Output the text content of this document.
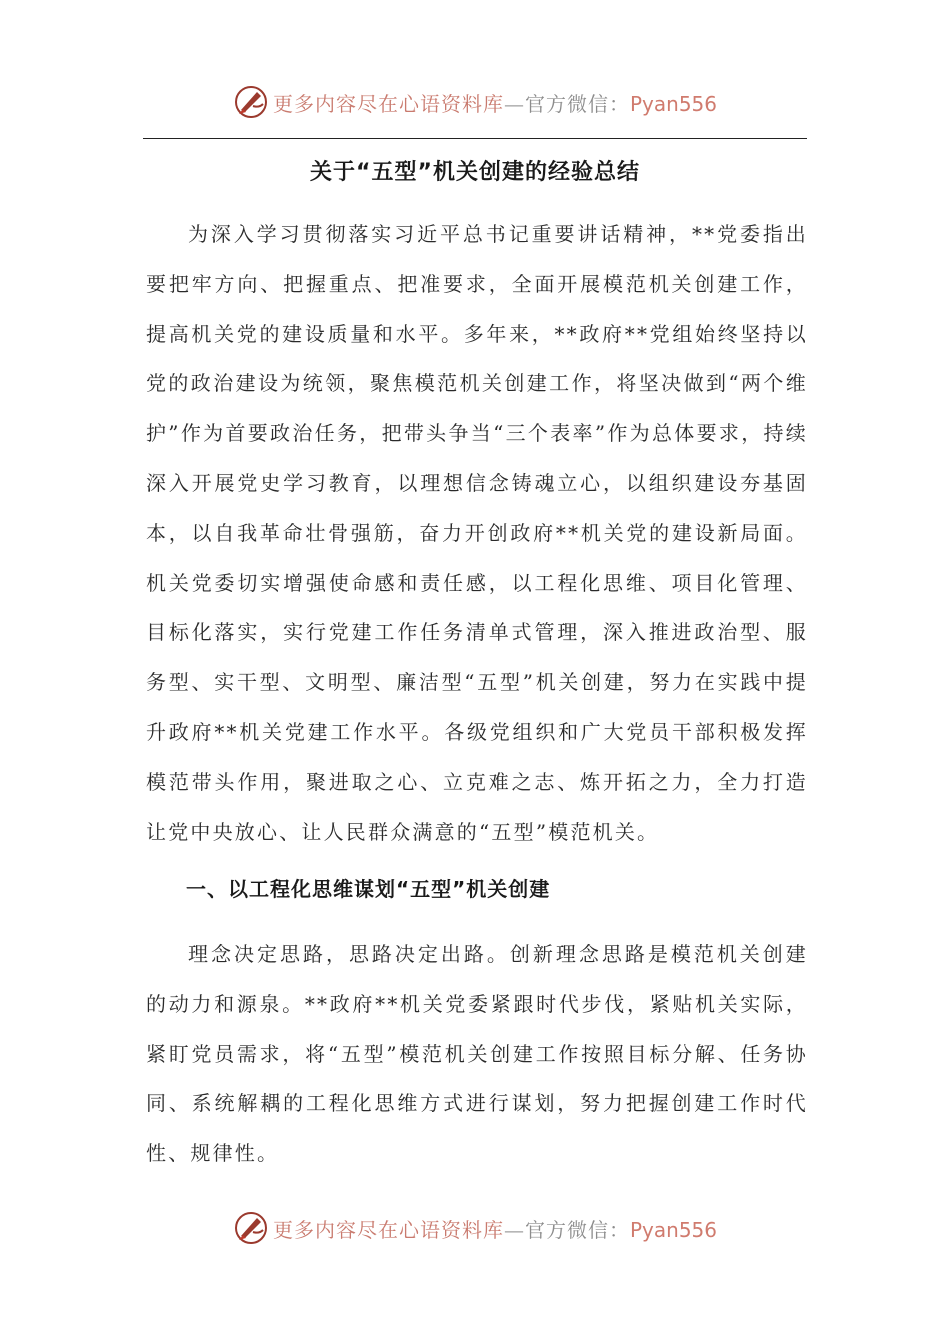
更多内容尽在心语资料库—官方微信：Pyan556
关于“五型”机关创建的经验总结

为深入学习贯彻落实习近平总书记重要讲话精神，**党委指出要把牢方向、把握重点、把准要求，全面开展模范机关创建工作，提高机关党的建设质量和水平。多年来，**政府**党组始终坚持以党的政治建设为统领，聚焦模范机关创建工作，将坚决做到“两个维护”作为首要政治任务，把带头争当“三个表率”作为总体要求，持续深入开展党史学习教育，以理想信念铸魂立心，以组织建设夯基固本，以自我革命壮骨强筋，奋力开创政府**机关党的建设新局面。机关党委切实增强使命感和责任感，以工程化思维、项目化管理、目标化落实，实行党建工作任务清单式管理，深入推进政治型、服务型、实干型、文明型、廉洁型“五型”机关创建，努力在实践中提升政府**机关党建工作水平。各级党组织和广大党员干部积极发挥模范带头作用，聚进取之心、立克难之志、炼开拓之力，全力打造让党中央放心、让人民群众满意的“五型”模范机关。

一、以工程化思维谋划“五型”机关创建

理念决定思路，思路决定出路。创新理念思路是模范机关创建的动力和源泉。**政府**机关党委紧跟时代步伐，紧贴机关实际，紧盯党员需求，将“五型”模范机关创建工作按照目标分解、任务协同、系统解耦的工程化思维方式进行谋划，努力把握创建工作时代性、规律性。

更多内容尽在心语资料库—官方微信：Pyan556
